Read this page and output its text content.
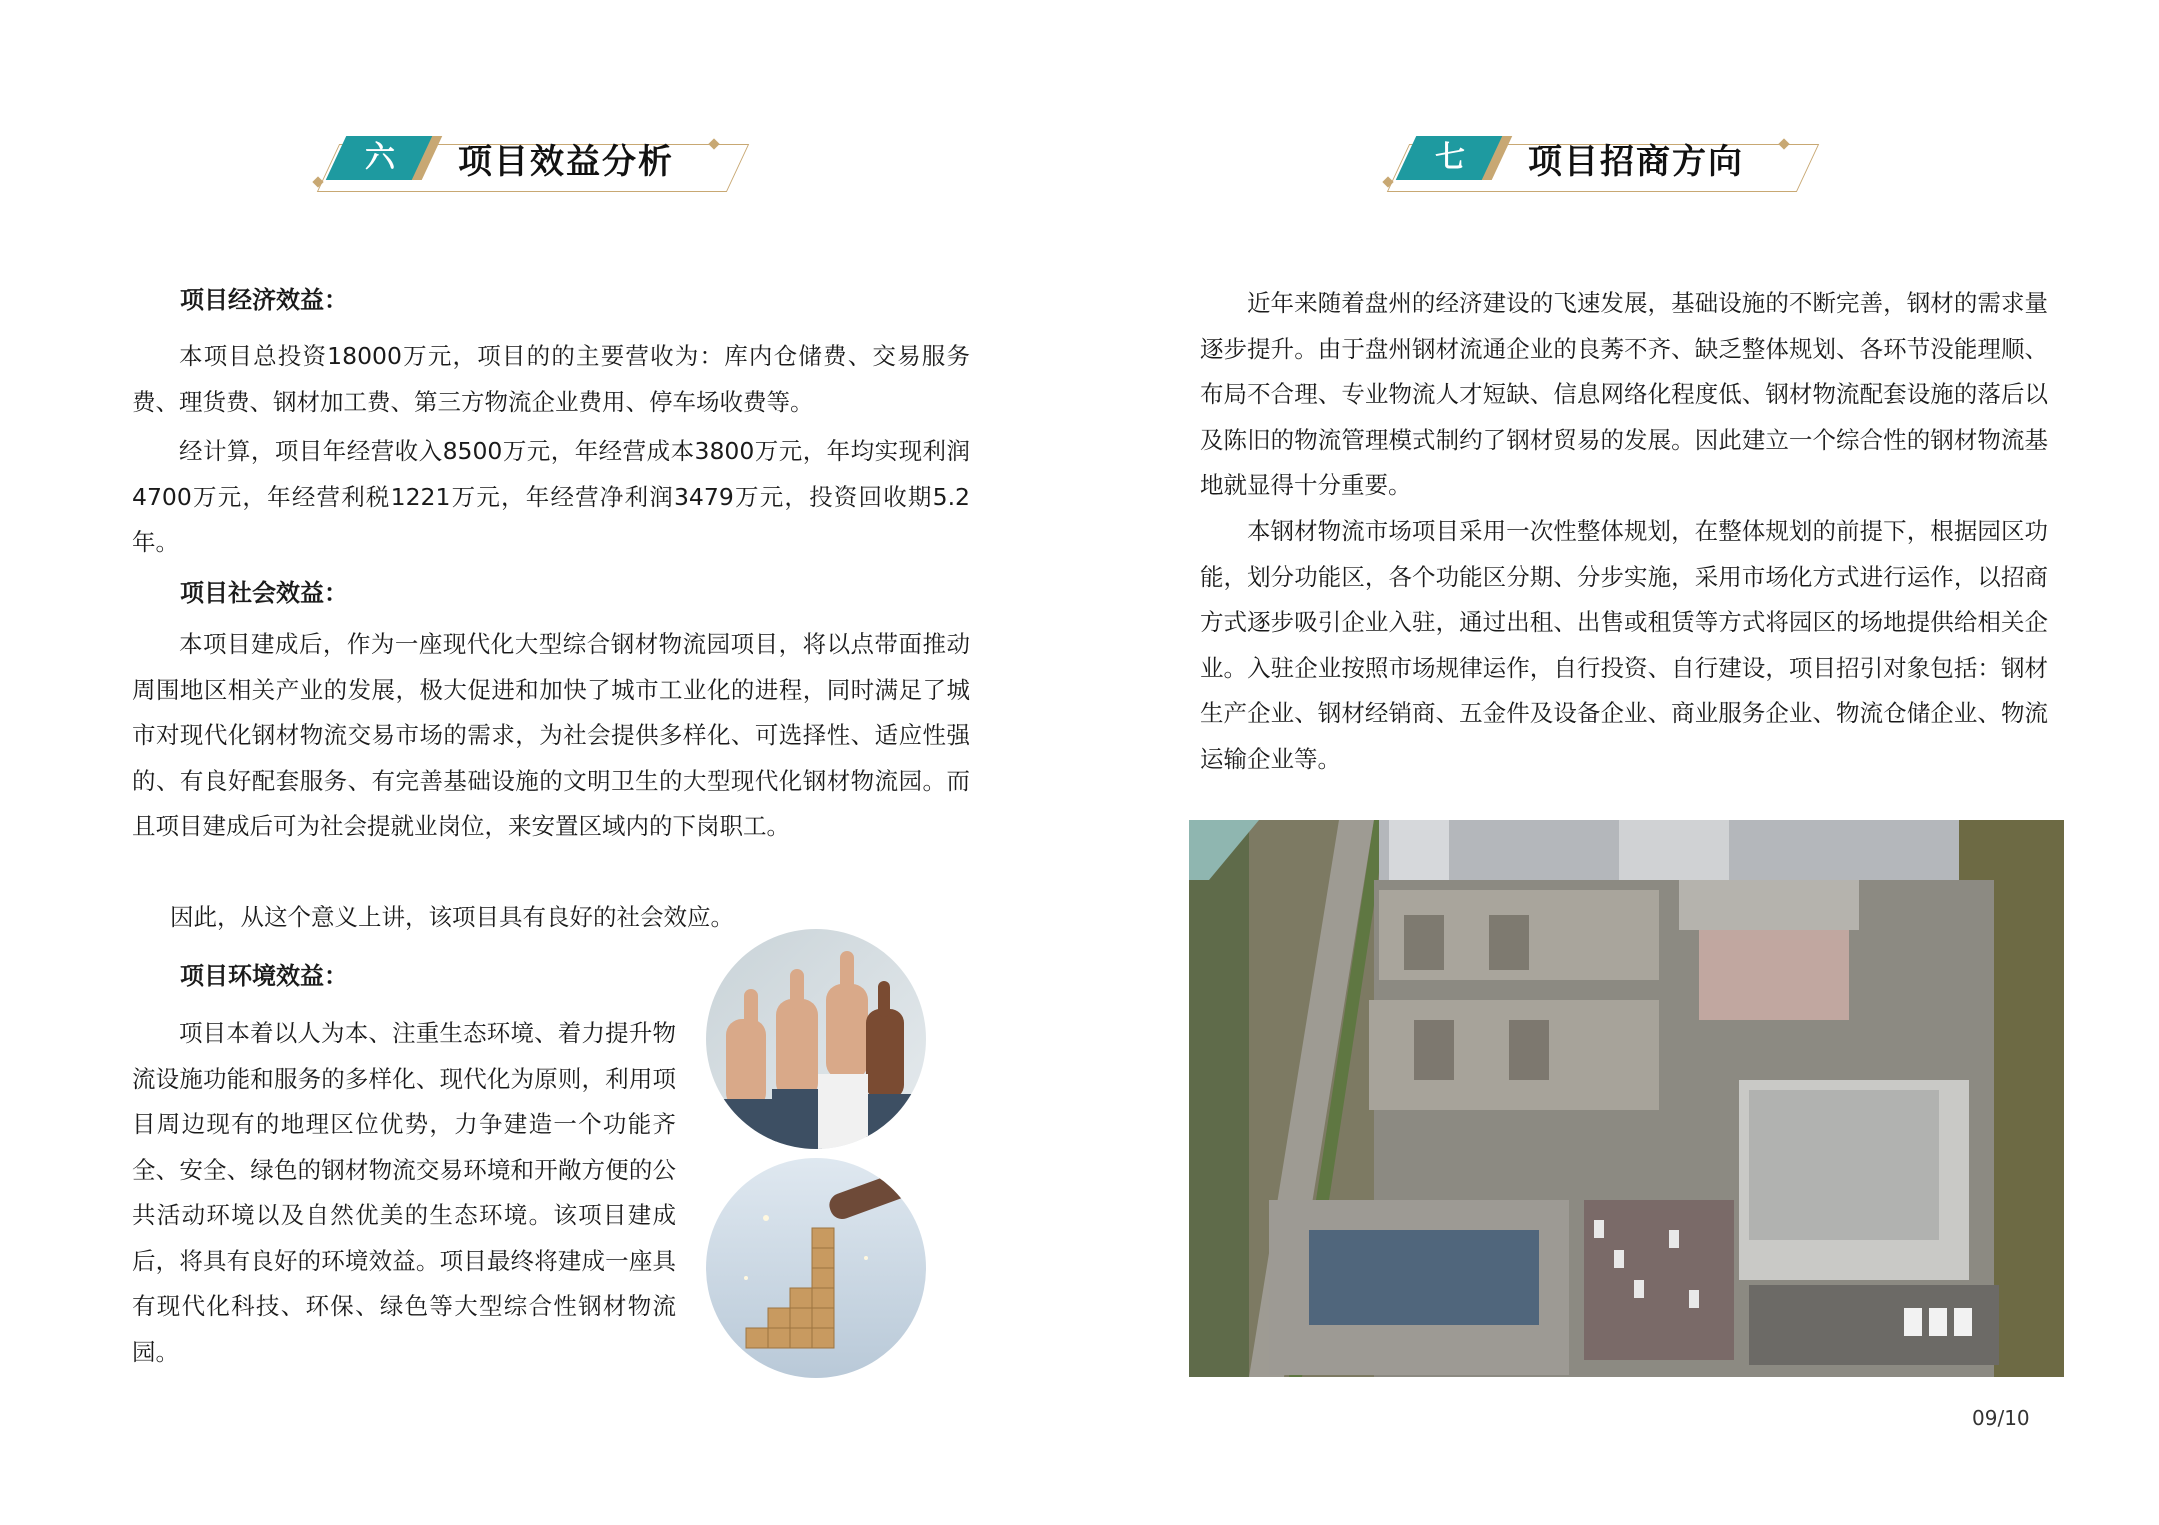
六	项目效益分析	七	项目招商方向
项目经济效益：
本项目总投资18000万元，项目的的主要营收为：库内仓储费、交易服务费、理货费、钢材加工费、第三方物流企业费用、停车场收费等。
经计算，项目年经营收入8500万元，年经营成本3800万元，年均实现利润4700万元，年经营利税1221万元，年经营净利润3479万元，投资回收期5.2年。
项目社会效益：
本项目建成后，作为一座现代化大型综合钢材物流园项目，将以点带面推动周围地区相关产业的发展，极大促进和加快了城市工业化的进程，同时满足了城市对现代化钢材物流交易市场的需求，为社会提供多样化、可选择性、适应性强的、有良好配套服务、有完善基础设施的文明卫生的大型现代化钢材物流园。而且项目建成后可为社会提就业岗位，来安置区域内的下岗职工。
因此，从这个意义上讲，该项目具有良好的社会效应。
项目环境效益：
项目本着以人为本、注重生态环境、着力提升物流设施功能和服务的多样化、现代化为原则，利用项目周边现有的地理区位优势，力争建造一个功能齐全、安全、绿色的钢材物流交易环境和开敞方便的公共活动环境以及自然优美的生态环境。该项目建成后，将具有良好的环境效益。项目最终将建成一座具有现代化科技、环保、绿色等大型综合性钢材物流园。
近年来随着盘州的经济建设的飞速发展，基础设施的不断完善，钢材的需求量逐步提升。由于盘州钢材流通企业的良莠不齐、缺乏整体规划、各环节没能理顺、布局不合理、专业物流人才短缺、信息网络化程度低、钢材物流配套设施的落后以及陈旧的物流管理模式制约了钢材贸易的发展。因此建立一个综合性的钢材物流基地就显得十分重要。
本钢材物流市场项目采用一次性整体规划，在整体规划的前提下，根据园区功能，划分功能区，各个功能区分期、分步实施，采用市场化方式进行运作，以招商方式逐步吸引企业入驻，通过出租、出售或租赁等方式将园区的场地提供给相关企业。入驻企业按照市场规律运作，自行投资、自行建设，项目招引对象包括：钢材生产企业、钢材经销商、五金件及设备企业、商业服务企业、物流仓储企业、物流运输企业等。
09/10
